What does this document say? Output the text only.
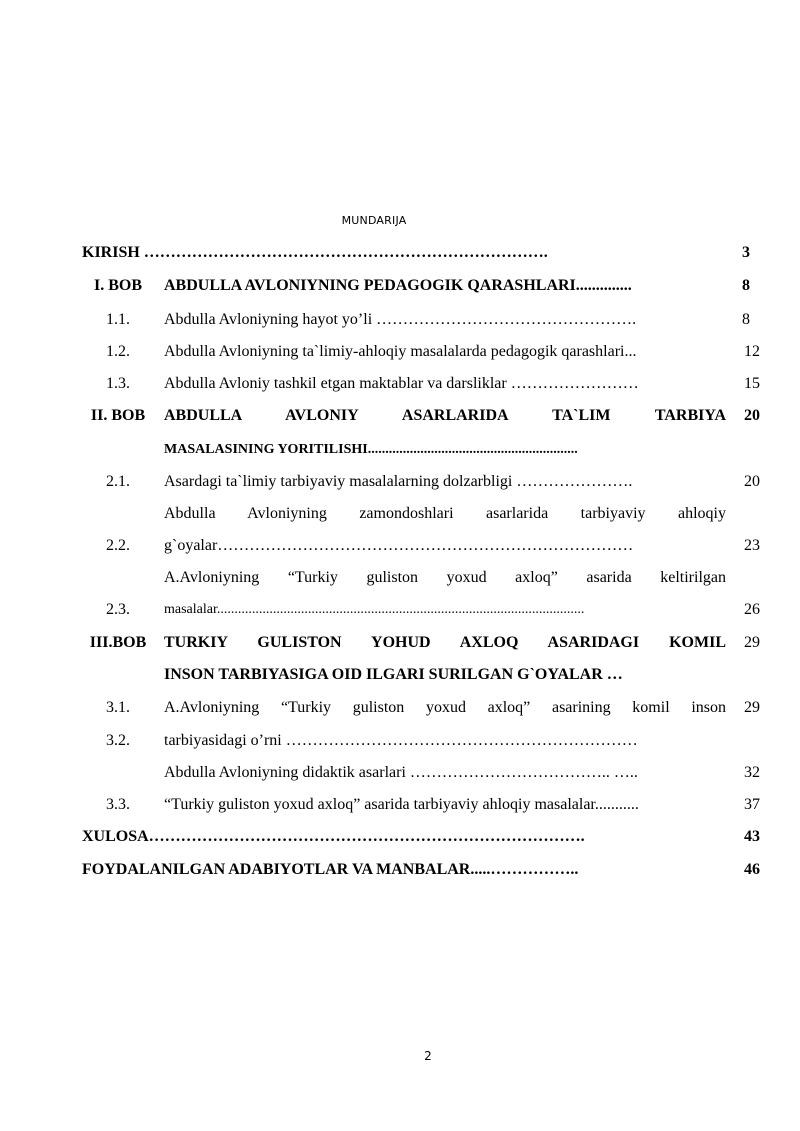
MUNDARIJA
KIRISH ………………………………………………………………….	3
I. BOB	ABDULLA AVLONIYNING PEDAGOGIK QARASHLARI..............	8
1.1.	Abdulla Avloniyning hayot yo’li ………………………………………….	8
1.2.	Abdulla Avloniyning ta`limiy-ahloqiy masalalarda pedagogik qarashlari...	12
1.3.	Abdulla Avloniy tashkil etgan maktablar va darsliklar ……………………	15
II. BOB	ABDULLA AVLONIY ASARLARIDA TA`LIM TARBIYA	20
MASALASINING YORITILISHI............................................................
2.1.	Asardagi ta`limiy tarbiyaviy masalalarning dolzarbligi ………………….	20
Abdulla Avloniyning zamondoshlari asarlarida tarbiyaviy ahloqiy
2.2.	g`oyalar……………………………………………………………………	23
A.Avloniyning “Turkiy guliston yoxud axloq” asarida keltirilgan
2.3.	masalalar.........................................................................................................	26
III.BOB	TURKIY GULISTON YOHUD AXLOQ ASARIDAGI KOMIL	29
INSON TARBIYASIGA OID ILGARI SURILGAN G`OYALAR …
3.1.	A.Avloniyning “Turkiy guliston yoxud axloq” asarining komil inson	29
3.2.	tarbiyasidagi o’rni …………………………………………………………
Abdulla Avloniyning didaktik asarlari ……………………………….. …..	32
3.3.	“Turkiy guliston yoxud axloq” asarida tarbiyaviy ahloqiy masalalar...........	37
XULOSA……………………………………………………………………….	43
FOYDALANILGAN ADABIYOTLAR VA MANBALAR.....……………..	46
2
